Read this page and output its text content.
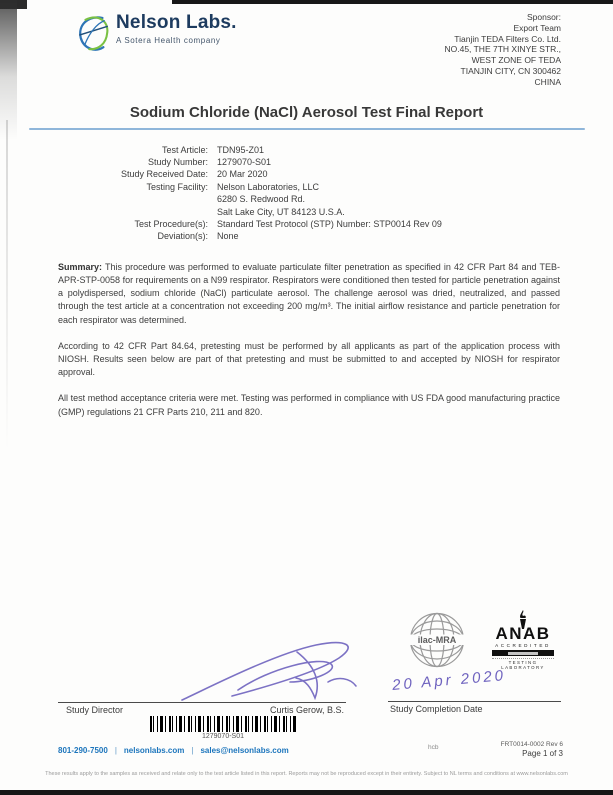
Nelson Labs.
A Sotera Health company
Sponsor:
Export Team
Tianjin TEDA Filters Co. Ltd.
NO.45, THE 7TH XINYE STR.,
WEST ZONE OF TEDA
TIANJIN CITY, CN 300462
CHINA
Sodium Chloride (NaCl) Aerosol Test Final Report
Test Article: TDN95-Z01
Study Number: 1279070-S01
Study Received Date: 20 Mar 2020
Testing Facility: Nelson Laboratories, LLC
6280 S. Redwood Rd.
Salt Lake City, UT 84123 U.S.A.
Test Procedure(s): Standard Test Protocol (STP) Number: STP0014 Rev 09
Deviation(s): None
Summary: This procedure was performed to evaluate particulate filter penetration as specified in 42 CFR Part 84 and TEB-APR-STP-0058 for requirements on a N99 respirator. Respirators were conditioned then tested for particle penetration against a polydispersed, sodium chloride (NaCl) particulate aerosol. The challenge aerosol was dried, neutralized, and passed through the test article at a concentration not exceeding 200 mg/m³. The initial airflow resistance and particle penetration for each respirator was determined.
According to 42 CFR Part 84.64, pretesting must be performed by all applicants as part of the application process with NIOSH. Results seen below are part of that pretesting and must be submitted to and accepted by NIOSH for respirator approval.
All test method acceptance criteria were met. Testing was performed in compliance with US FDA good manufacturing practice (GMP) regulations 21 CFR Parts 210, 211 and 820.
ilac-MRA	ANAB
ACCREDITED
TESTING LABORATORY
20 Apr 2020
Study Director	Curtis Gerow, B.S.	Study Completion Date
1279070-S01
801-290-7500 | nelsonlabs.com | sales@nelsonlabs.com	hcb	FRT0014-0002 Rev 6
Page 1 of 3
These results apply to the samples as received and relate only to the test article listed in this report. Reports may not be reproduced except in their entirety. Subject to NL terms and conditions at www.nelsonlabs.com
